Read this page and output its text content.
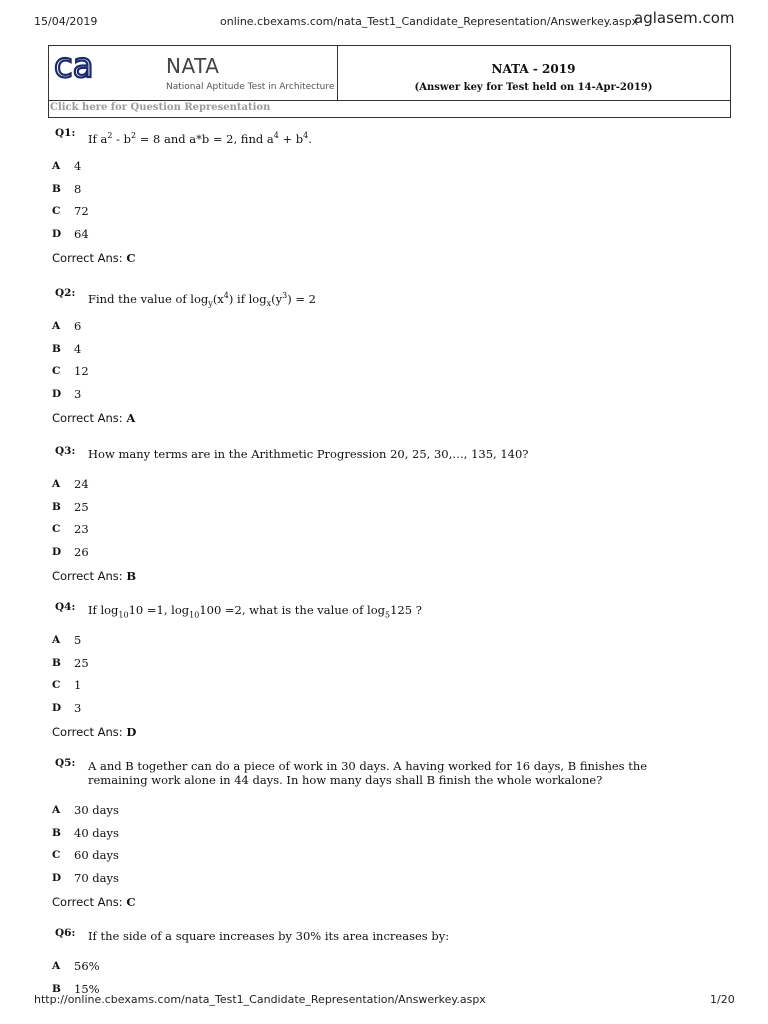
15/04/2019	online.cbexams.com/nata_Test1_Candidate_Representation/Answerkey.aspx
aglasem.com
http://online.cbexams.com/nata_Test1_Candidate_Representation/Answerkey.aspx	1/20
ca	NATA
National Aptitude Test in Architecture
NATA - 2019
(Answer key for Test held on 14-Apr-2019)
Click here for Question Representation
Q1: If $a^2 - b^2 = 8$ and a*b = 2, find $a^4 + b^4$.
A 4
B 8
C 72
D 64
Correct Ans: C
Q2: Find the value of $\log_y(x^4)$ if $\log_x(y^3) = 2$
A 6
B 4
C 12
D 3
Correct Ans: A
Q3: How many terms are in the Arithmetic Progression 20, 25, 30,…, 135, 140?
A 24
B 25
C 23
D 26
Correct Ans: B
Q4: If $\log_{10}10 =1$, $\log_{10}100 =2$, what is the value of $\log_5125$ ?
A 5
B 25
C 1
D 3
Correct Ans: D
Q5: A and B together can do a piece of work in 30 days. A having worked for 16 days, B finishes the remaining work alone in 44 days. In how many days shall B finish the whole workalone?
A 30 days
B 40 days
C 60 days
D 70 days
Correct Ans: C
Q6: If the side of a square increases by 30% its area increases by:
A 56%
B 15%
